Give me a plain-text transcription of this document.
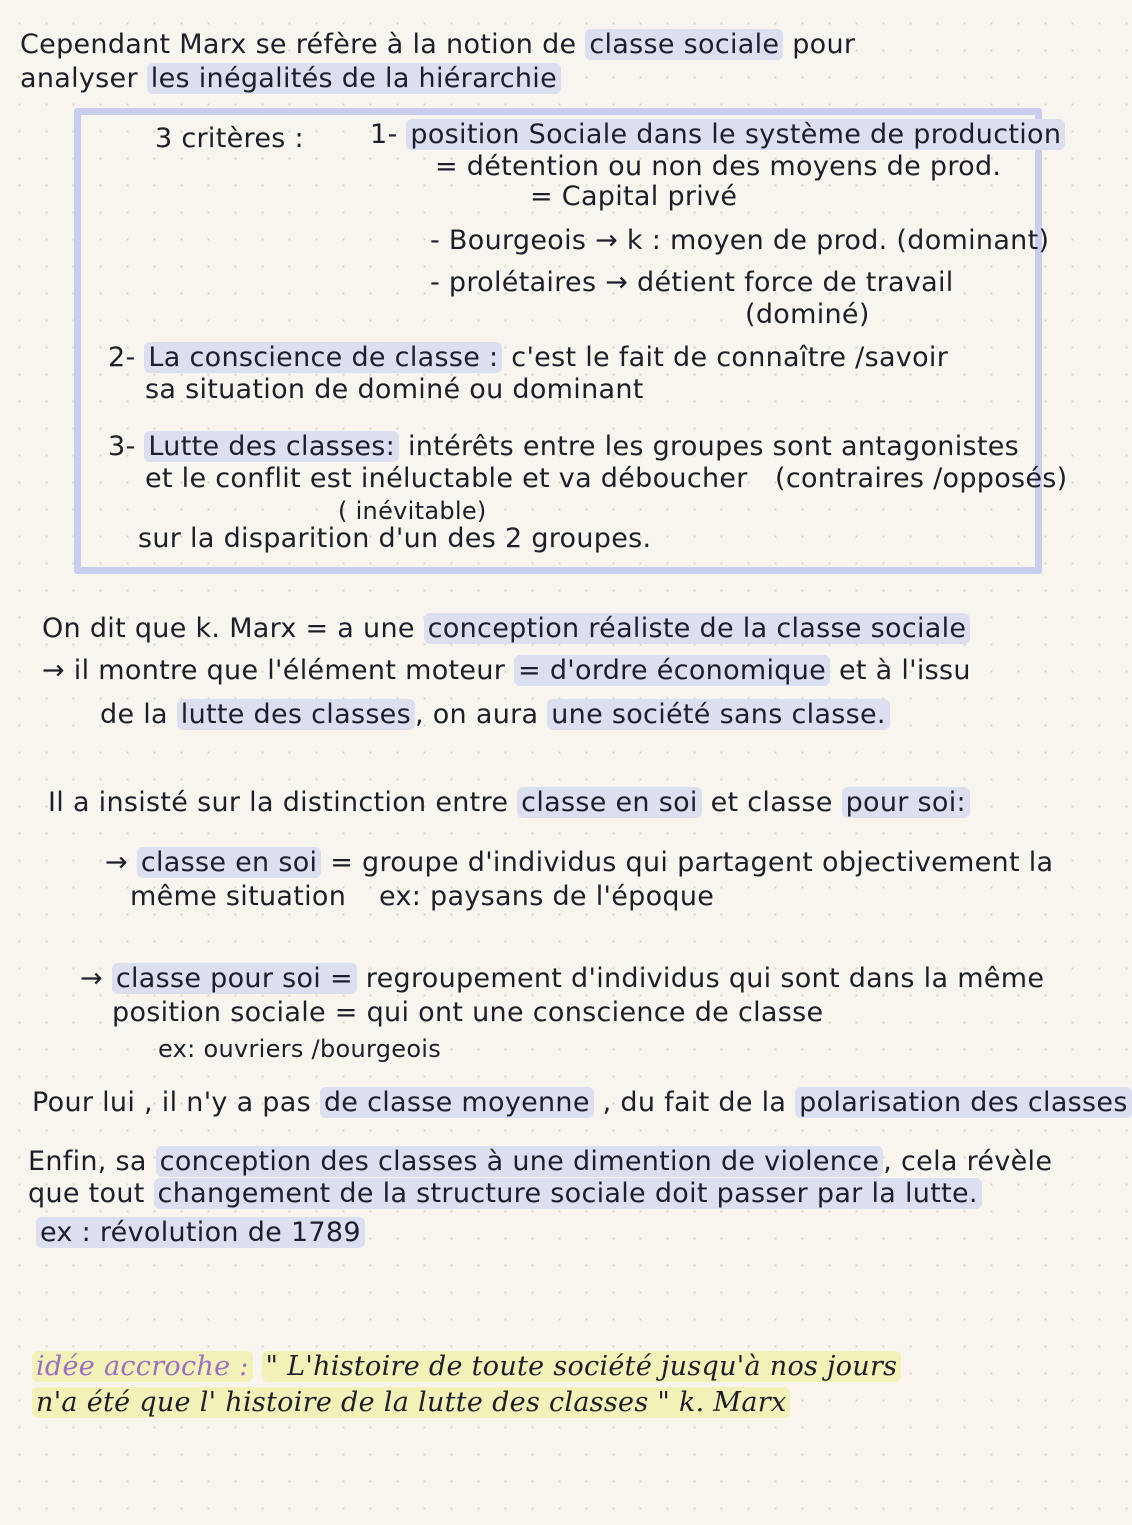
Cependant Marx se réfère à la notion de classe sociale pour
analyser les inégalités de la hiérarchie
3 critères : 1- position Sociale dans le système de production
= détention ou non des moyens de prod.
= Capital privé
- Bourgeois → k : moyen de prod. (dominant)
- prolétaires → détient force de travail
(dominé)
2- La conscience de classe : c'est le fait de connaître /savoir
sa situation de dominé ou dominant
3- Lutte des classes: intérêts entre les groupes sont antagonistes
et le conflit est inéluctable et va déboucher (contraires /opposés)
( inévitable)
sur la disparition d'un des 2 groupes.
On dit que k. Marx = a une conception réaliste de la classe sociale
→ il montre que l'élément moteur = d'ordre économique et à l'issu
de la lutte des classes , on aura une société sans classe.
Il a insisté sur la distinction entre classe en soi et classe pour soi:
→ classe en soi = groupe d'individus qui partagent objectivement la
même situation ex: paysans de l'époque
→ classe pour soi = regroupement d'individus qui sont dans la même
position sociale = qui ont une conscience de classe
ex: ouvriers /bourgeois
Pour lui , il n'y a pas de classe moyenne , du fait de la polarisation des classes
Enfin, sa conception des classes à une dimention de violence , cela révèle
que tout changement de la structure sociale doit passer par la lutte.
ex : révolution de 1789
idée accroche : " L'histoire de toute société jusqu'à nos jours
n'a été que l' histoire de la lutte des classes " k. Marx
